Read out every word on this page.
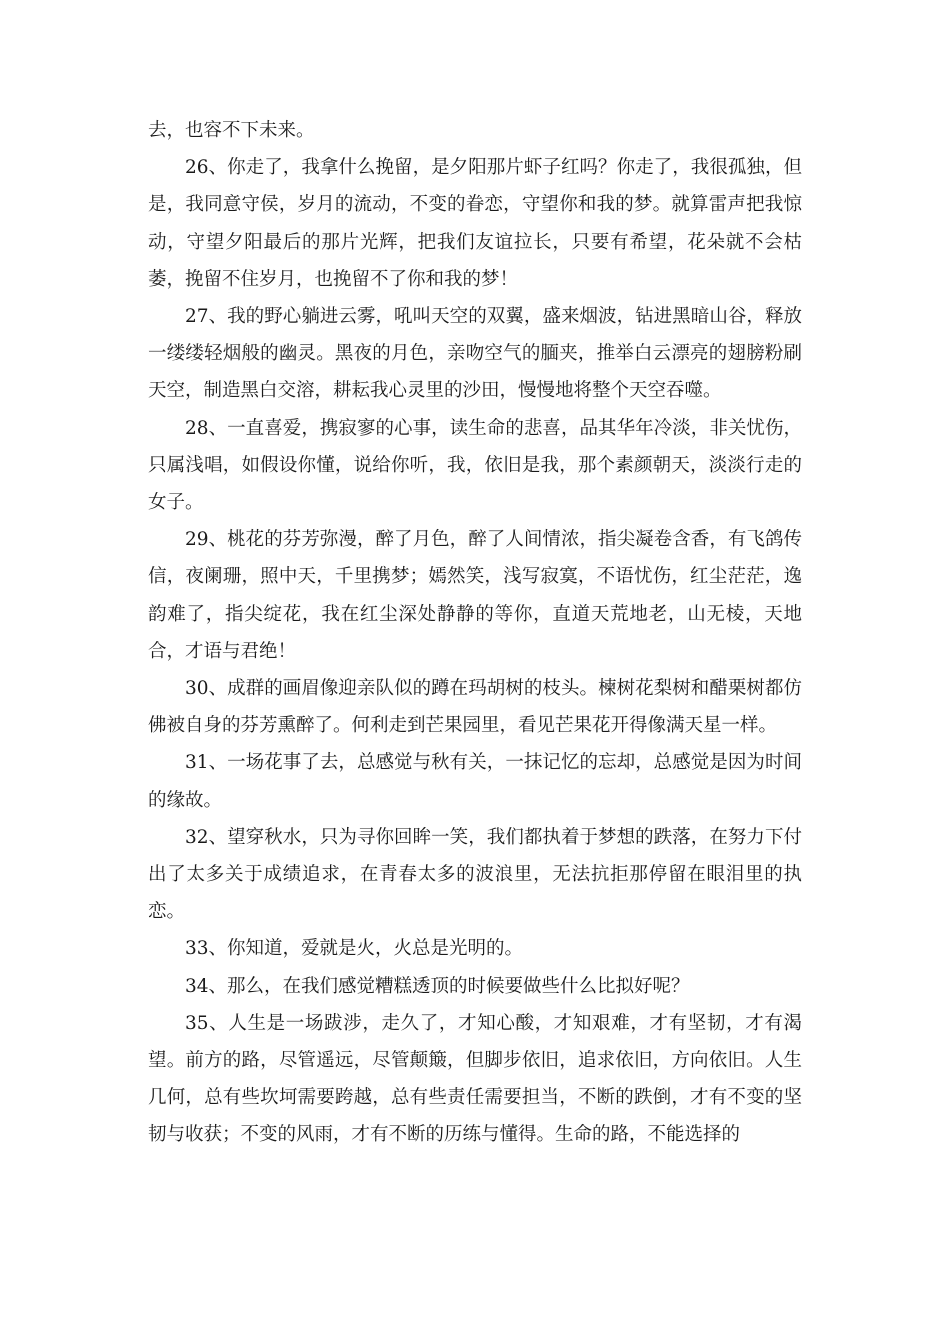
去，也容不下未来。

26、你走了，我拿什么挽留，是夕阳那片虾子红吗？你走了，我很孤独，但是，我同意守侯，岁月的流动，不变的眷恋，守望你和我的梦。就算雷声把我惊动，守望夕阳最后的那片光辉，把我们友谊拉长，只要有希望，花朵就不会枯萎，挽留不住岁月，也挽留不了你和我的梦！

27、我的野心躺进云雾，吼叫天空的双翼，盛来烟波，钻进黑暗山谷，释放一缕缕轻烟般的幽灵。黑夜的月色，亲吻空气的腼夹，推举白云漂亮的翅膀粉刷天空，制造黑白交溶，耕耘我心灵里的沙田，慢慢地将整个天空吞噬。

28、一直喜爱，携寂寥的心事，读生命的悲喜，品其华年冷淡，非关忧伤，只属浅唱，如假设你懂，说给你听，我，依旧是我，那个素颜朝天，淡淡行走的女子。

29、桃花的芬芳弥漫，醉了月色，醉了人间情浓，指尖凝卷含香，有飞鸽传信，夜阑珊，照中天，千里携梦；嫣然笑，浅写寂寞，不语忧伤，红尘茫茫，逸韵难了，指尖绽花，我在红尘深处静静的等你，直道天荒地老，山无棱，天地合，才语与君绝！

30、成群的画眉像迎亲队似的蹲在玛胡树的枝头。楝树花梨树和醋栗树都仿佛被自身的芬芳熏醉了。何利走到芒果园里，看见芒果花开得像满天星一样。

31、一场花事了去，总感觉与秋有关，一抹记忆的忘却，总感觉是因为时间的缘故。

32、望穿秋水，只为寻你回眸一笑，我们都执着于梦想的跌落，在努力下付出了太多关于成绩追求，在青春太多的波浪里，无法抗拒那停留在眼泪里的执恋。

33、你知道，爱就是火，火总是光明的。

34、那么，在我们感觉糟糕透顶的时候要做些什么比拟好呢？

35、人生是一场跋涉，走久了，才知心酸，才知艰难，才有坚韧，才有渴望。前方的路，尽管遥远，尽管颠簸，但脚步依旧，追求依旧，方向依旧。人生几何，总有些坎坷需要跨越，总有些责任需要担当，不断的跌倒，才有不变的坚韧与收获；不变的风雨，才有不断的历练与懂得。生命的路，不能选择的
